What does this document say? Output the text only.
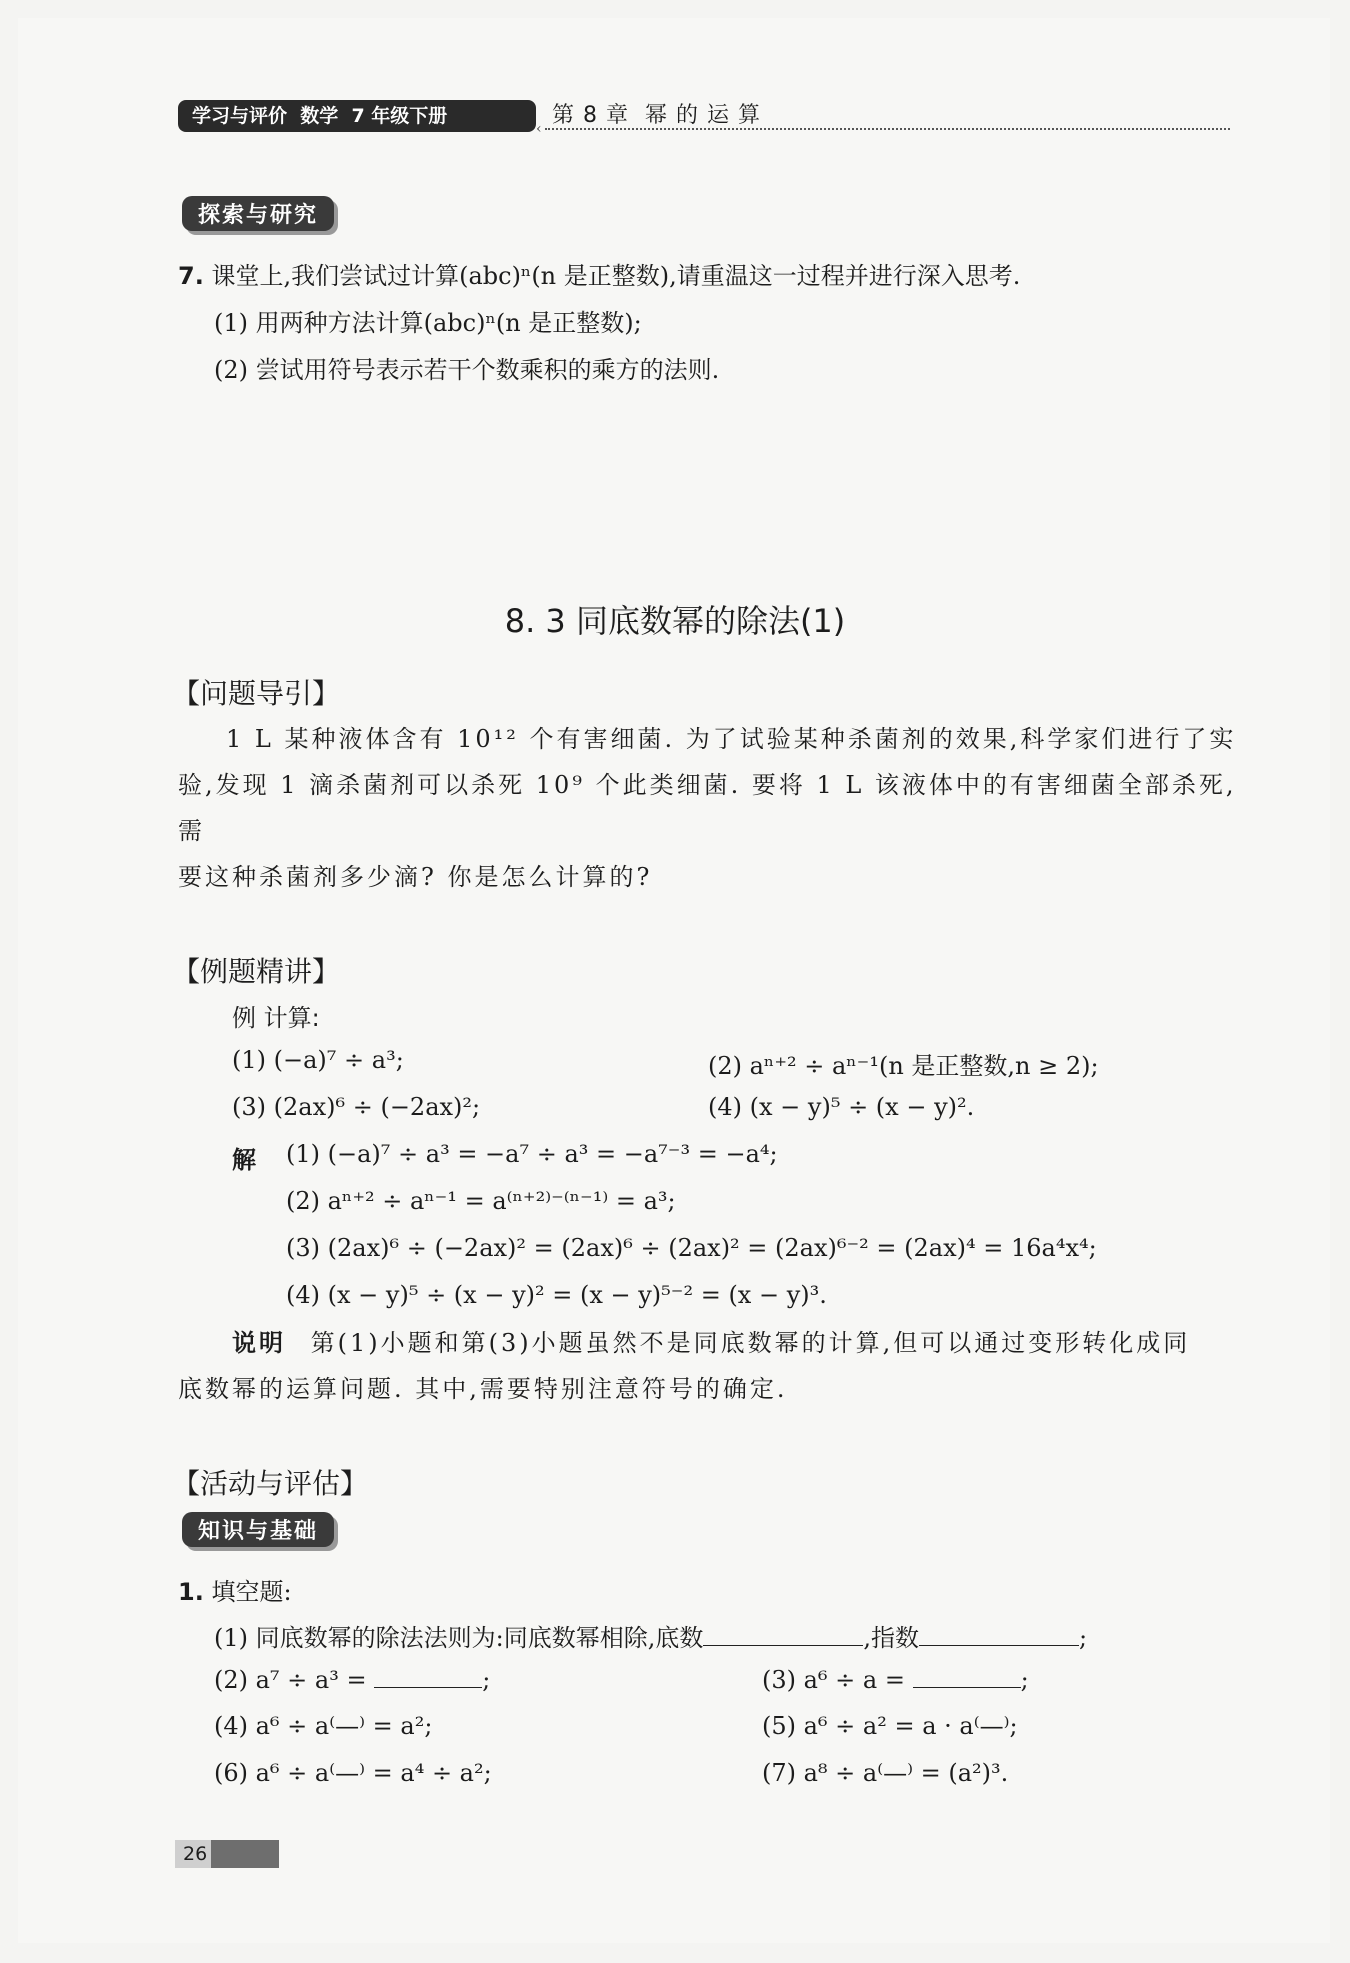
学习与评价  数学  7 年级下册
‹
第 8 章  幂 的 运 算
探索与研究
7. 课堂上,我们尝试过计算(abc)ⁿ(n 是正整数),请重温这一过程并进行深入思考.
(1) 用两种方法计算(abc)ⁿ(n 是正整数);
(2) 尝试用符号表示若干个数乘积的乘方的法则.
8. 3 同底数幂的除法(1)
【问题导引】
1 L 某种液体含有 10¹² 个有害细菌. 为了试验某种杀菌剂的效果,科学家们进行了实
验,发现 1 滴杀菌剂可以杀死 10⁹ 个此类细菌. 要将 1 L 该液体中的有害细菌全部杀死,需
要这种杀菌剂多少滴? 你是怎么计算的?
【例题精讲】
例 计算:
(1) (−a)⁷ ÷ a³;	(2) aⁿ⁺² ÷ aⁿ⁻¹(n 是正整数,n ≥ 2);
(3) (2ax)⁶ ÷ (−2ax)²;	(4) (x − y)⁵ ÷ (x − y)².
解 (1) (−a)⁷ ÷ a³ = −a⁷ ÷ a³ = −a⁷⁻³ = −a⁴;
(2) aⁿ⁺² ÷ aⁿ⁻¹ = a⁽ⁿ⁺²⁾⁻⁽ⁿ⁻¹⁾ = a³;
(3) (2ax)⁶ ÷ (−2ax)² = (2ax)⁶ ÷ (2ax)² = (2ax)⁶⁻² = (2ax)⁴ = 16a⁴x⁴;
(4) (x − y)⁵ ÷ (x − y)² = (x − y)⁵⁻² = (x − y)³.
说明 第(1)小题和第(3)小题虽然不是同底数幂的计算,但可以通过变形转化成同
底数幂的运算问题. 其中,需要特别注意符号的确定.
【活动与评估】
知识与基础
1. 填空题:
(1) 同底数幂的除法法则为:同底数幂相除,底数	,指数	;
(2) a⁷ ÷ a³ =	;	(3) a⁶ ÷ a =	;
(4) a⁶ ÷ a⁽—⁾ = a²;	(5) a⁶ ÷ a² = a · a⁽—⁾;
(6) a⁶ ÷ a⁽—⁾ = a⁴ ÷ a²;	(7) a⁸ ÷ a⁽—⁾ = (a²)³.
26
